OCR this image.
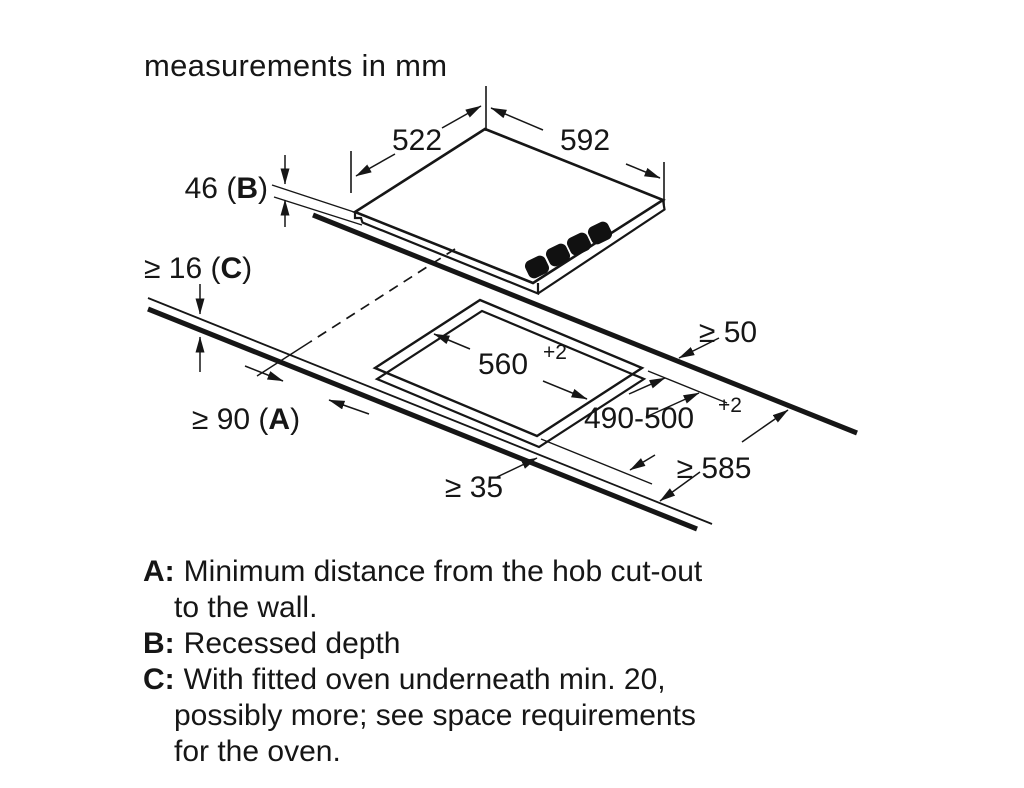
measurements in mm
522	592
46 (B)
≥ 16 (C)
≥ 90 (A)
560 +2
490-500 +2
≥ 50
≥ 35
≥ 585
A: Minimum distance from the hob cut-out
to the wall.
B: Recessed depth
C: With fitted oven underneath min. 20,
possibly more; see space requirements
for the oven.
